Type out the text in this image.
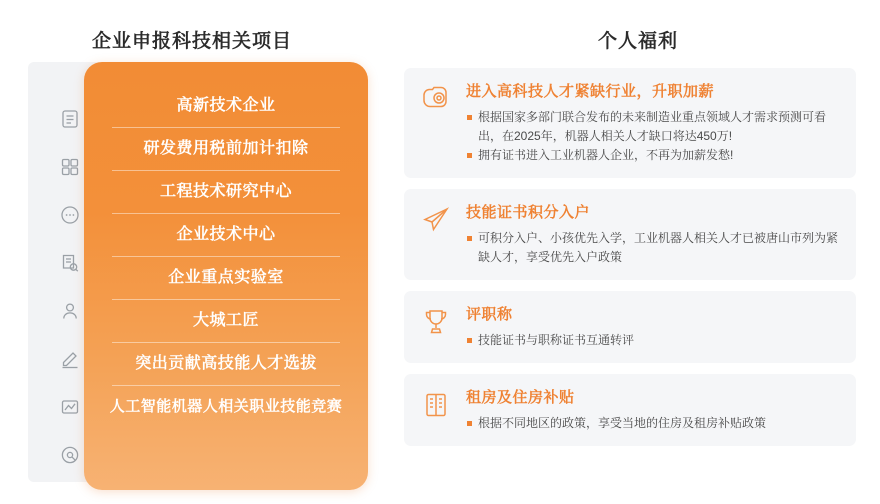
企业申报科技相关项目	个人福利
高新技术企业
研发费用税前加计扣除
工程技术研究中心
企业技术中心
企业重点实验室
大城工匠
突出贡献高技能人才选拔
人工智能机器人相关职业技能竞赛
进入高科技人才紧缺行业，升职加薪
根据国家多部门联合发布的未来制造业重点领域人才需求预测可看出，在2025年，机器人相关人才缺口将达450万!
拥有证书进入工业机器人企业，不再为加薪发愁!
技能证书积分入户
可积分入户、小孩优先入学，工业机器人相关人才已被唐山市列为紧缺人才，享受优先入户政策
评职称
技能证书与职称证书互通转评
租房及住房补贴
根据不同地区的政策，享受当地的住房及租房补贴政策
